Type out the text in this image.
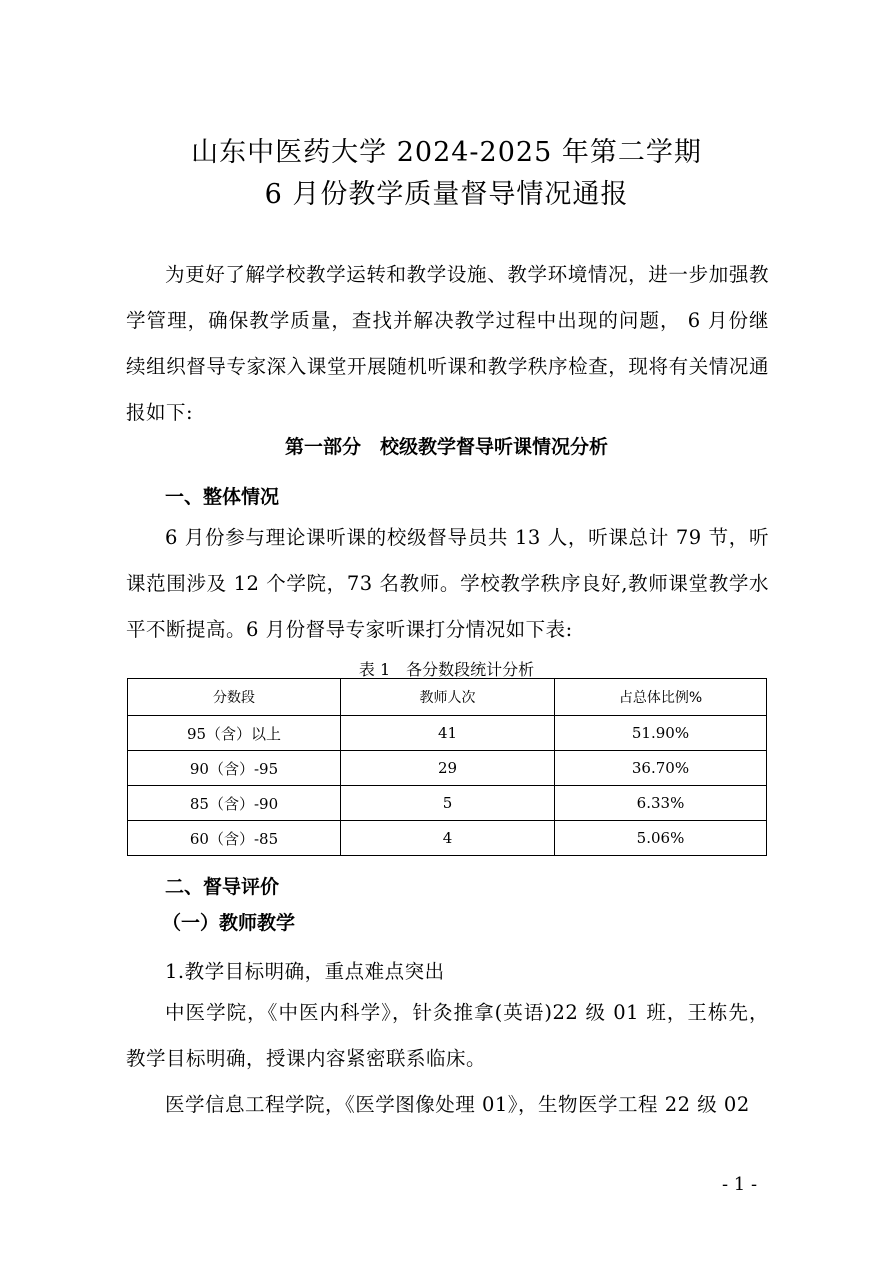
山东中医药大学 2024-2025 年第二学期
6 月份教学质量督导情况通报
为更好了解学校教学运转和教学设施、教学环境情况，进一步加强教学管理，确保教学质量，查找并解决教学过程中出现的问题， 6 月份继续组织督导专家深入课堂开展随机听课和教学秩序检查，现将有关情况通报如下:
第一部分　校级教学督导听课情况分析
一、整体情况
6 月份参与理论课听课的校级督导员共 13 人，听课总计 79 节，听课范围涉及 12 个学院，73 名教师。学校教学秩序良好,教师课堂教学水平不断提高。6 月份督导专家听课打分情况如下表:
表 1　各分数段统计分析
分数段	教师人次	占总体比例%
95（含）以上	41	51.90%
90（含）-95	29	36.70%
85（含）-90	5	6.33%
60（含）-85	4	5.06%
二、督导评价
（一）教师教学
1.教学目标明确，重点难点突出
中医学院，《中医内科学》，针灸推拿(英语)22 级 01 班，王栋先，教学目标明确，授课内容紧密联系临床。
医学信息工程学院，《医学图像处理 01》，生物医学工程 22 级 02
- 1 -
